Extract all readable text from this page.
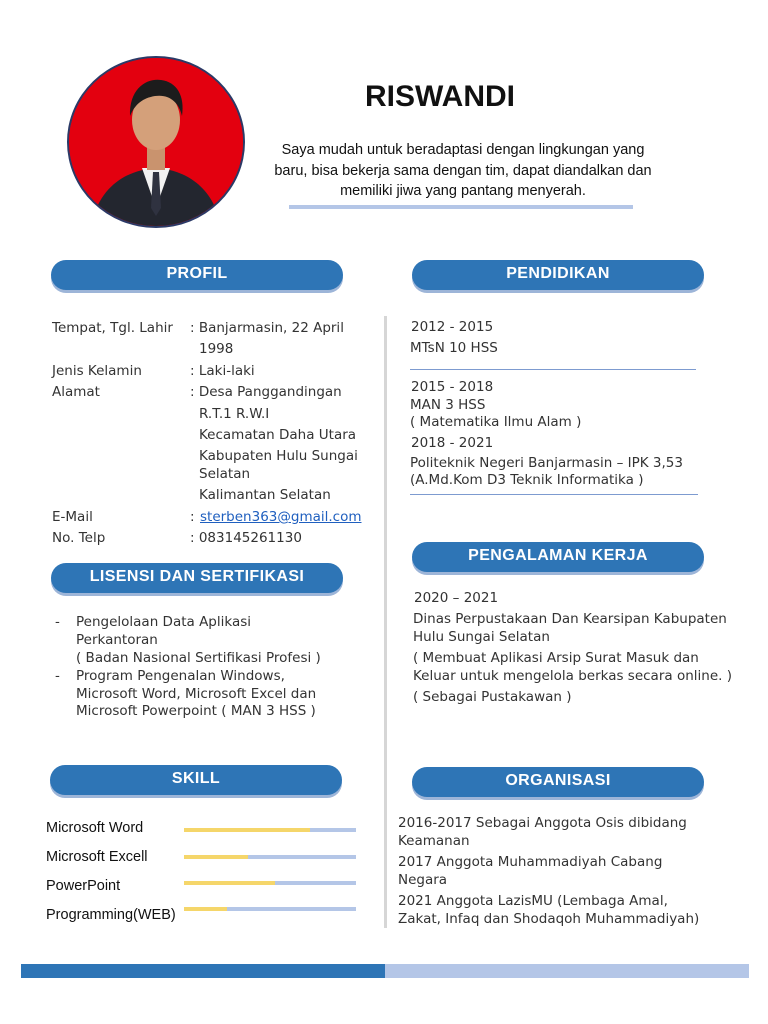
RISWANDI
Saya mudah untuk beradaptasi dengan lingkungan yang baru, bisa bekerja sama dengan tim, dapat diandalkan dan memiliki jiwa yang pantang menyerah.
PROFIL	PENDIDIKAN
Tempat, Tgl. Lahir : Banjarmasin, 22 April
1998
Jenis Kelamin	: Laki-laki
Alamat	: Desa Panggandingan
R.T.1 R.W.I
Kecamatan Daha Utara
Kabupaten Hulu Sungai
Selatan
Kalimantan Selatan
E-Mail	: sterben363@gmail.com
No. Telp	: 083145261130
2012 - 2015
MTsN 10 HSS
2015 - 2018
MAN 3 HSS
( Matematika Ilmu Alam )
2018 - 2021
Politeknik Negeri Banjarmasin – IPK 3,53
(A.Md.Kom D3 Teknik Informatika )
PENGALAMAN KERJA
2020 – 2021
Dinas Perpustakaan Dan Kearsipan Kabupaten
Hulu Sungai Selatan
( Membuat Aplikasi Arsip Surat Masuk dan
Keluar untuk mengelola berkas secara online. )
( Sebagai Pustakawan )
LISENSI DAN SERTIFIKASI
- Pengelolaan Data Aplikasi
Perkantoran
( Badan Nasional Sertifikasi Profesi )
- Program Pengenalan Windows,
Microsoft Word, Microsoft Excel dan
Microsoft Powerpoint ( MAN 3 HSS )
SKILL
Microsoft Word
Microsoft Excell
PowerPoint
Programming(WEB)
ORGANISASI
2016-2017 Sebagai Anggota Osis dibidang
Keamanan
2017 Anggota Muhammadiyah Cabang
Negara
2021 Anggota LazisMU (Lembaga Amal,
Zakat, Infaq dan Shodaqoh Muhammadiyah)
